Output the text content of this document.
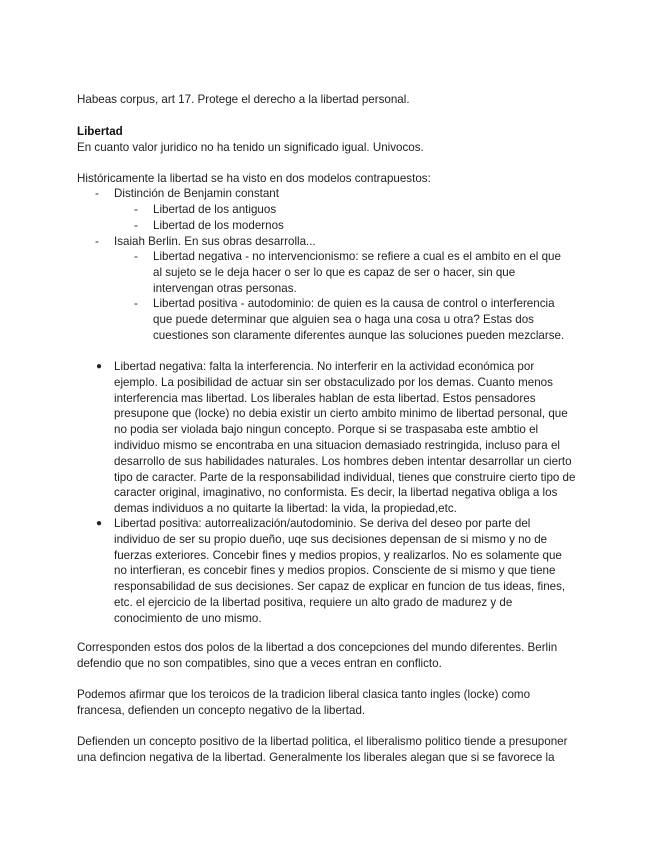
Habeas corpus, art 17. Protege el derecho a la libertad personal.

Libertad

En cuanto valor juridico no ha tenido un significado igual. Univocos.

Históricamente la libertad se ha visto en dos modelos contrapuestos:

- Distinción de Benjamin constant
- Libertad de los antiguos
- Libertad de los modernos
- Isaiah Berlin. En sus obras desarrolla...
- Libertad negativa - no intervencionismo: se refiere a cual es el ambito en el que al sujeto se le deja hacer o ser lo que es capaz de ser o hacer, sin que intervengan otras personas.
- Libertad positiva - autodominio: de quien es la causa de control o interferencia que puede determinar que alguien sea o haga una cosa u otra? Estas dos cuestiones son claramente diferentes aunque las soluciones pueden mezclarse.
● Libertad negativa: falta la interferencia. No interferir en la actividad económica por ejemplo. La posibilidad de actuar sin ser obstaculizado por los demas. Cuanto menos interferencia mas libertad. Los liberales hablan de esta libertad. Estos pensadores presupone que (locke) no debia existir un cierto ambito minimo de libertad personal, que no podia ser violada bajo ningun concepto. Porque si se traspasaba este ambtio el individuo mismo se encontraba en una situacion demasiado restringida, incluso para el desarrollo de sus habilidades naturales. Los hombres deben intentar desarrollar un cierto tipo de caracter. Parte de la responsabilidad individual, tienes que construire cierto tipo de caracter original, imaginativo, no conformista. Es decir, la libertad negativa obliga a los demas individuos a no quitarte la libertad: la vida, la propiedad,etc.
● Libertad positiva: autorrealización/autodominio. Se deriva del deseo por parte del individuo de ser su propio dueño, uqe sus decisiones depensan de si mismo y no de fuerzas exteriores. Concebir fines y medios propios, y realizarlos. No es solamente que no interfieran, es concebir fines y medios propios. Consciente de si mismo y que tiene responsabilidad de sus decisiones. Ser capaz de explicar en funcion de tus ideas, fines, etc. el ejercicio de la libertad positiva, requiere un alto grado de madurez y de conocimiento de uno mismo.

Corresponden estos dos polos de la libertad a dos concepciones del mundo diferentes. Berlin defendio que no son compatibles, sino que a veces entran en conflicto.

Podemos afirmar que los teroicos de la tradicion liberal clasica tanto ingles (locke) como francesa, defienden un concepto negativo de la libertad.

Defienden un concepto positivo de la libertad politica, el liberalismo politico tiende a presuponer una defincion negativa de la libertad. Generalmente los liberales alegan que si se favorece la
